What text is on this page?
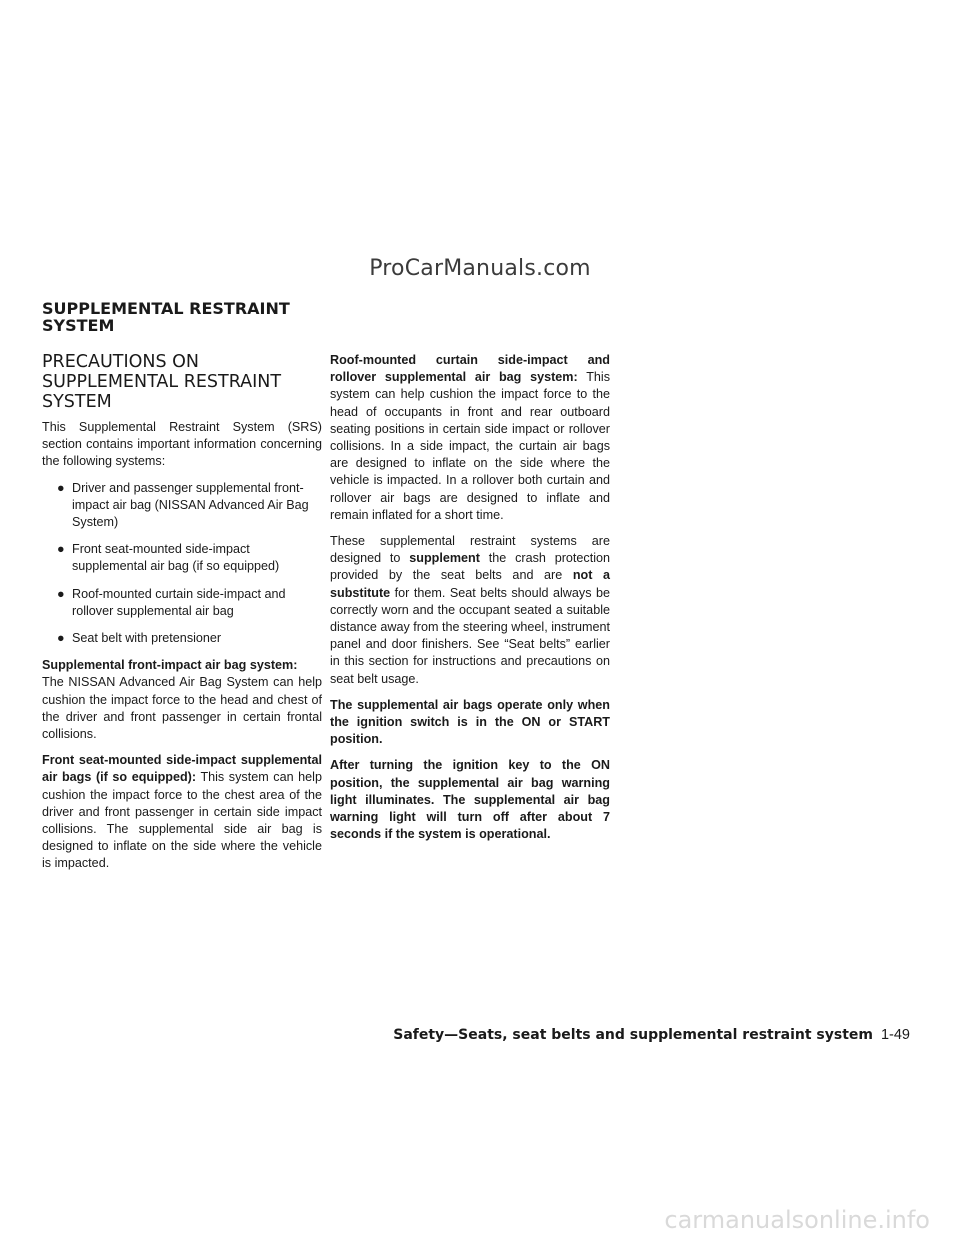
ProCarManuals.com
SUPPLEMENTAL RESTRAINT
SYSTEM
PRECAUTIONS ON SUPPLEMENTAL RESTRAINT SYSTEM

This Supplemental Restraint System (SRS) section contains important information concerning the following systems:

● Driver and passenger supplemental front-impact air bag (NISSAN Advanced Air Bag System)
● Front seat-mounted side-impact supplemental air bag (if so equipped)
● Roof-mounted curtain side-impact and rollover supplemental air bag
● Seat belt with pretensioner

Supplemental front-impact air bag system:
The NISSAN Advanced Air Bag System can help cushion the impact force to the head and chest of the driver and front passenger in certain frontal collisions.

Front seat-mounted side-impact supplemental air bags (if so equipped): This system can help cushion the impact force to the chest area of the driver and front passenger in certain side impact collisions. The supplemental side air bag is designed to inflate on the side where the vehicle is impacted.

Roof-mounted curtain side-impact and rollover supplemental air bag system: This system can help cushion the impact force to the head of occupants in front and rear outboard seating positions in certain side impact or rollover collisions. In a side impact, the curtain air bags are designed to inflate on the side where the vehicle is impacted. In a rollover both curtain and rollover air bags are designed to inflate and remain inflated for a short time.

These supplemental restraint systems are designed to supplement the crash protection provided by the seat belts and are not a substitute for them. Seat belts should always be correctly worn and the occupant seated a suitable distance away from the steering wheel, instrument panel and door finishers. See “Seat belts” earlier in this section for instructions and precautions on seat belt usage.

The supplemental air bags operate only when the ignition switch is in the ON or START position.

After turning the ignition key to the ON position, the supplemental air bag warning light illuminates. The supplemental air bag warning light will turn off after about 7 seconds if the system is operational.

Safety—Seats, seat belts and supplemental restraint system 1-49
carmanualsonline.info
